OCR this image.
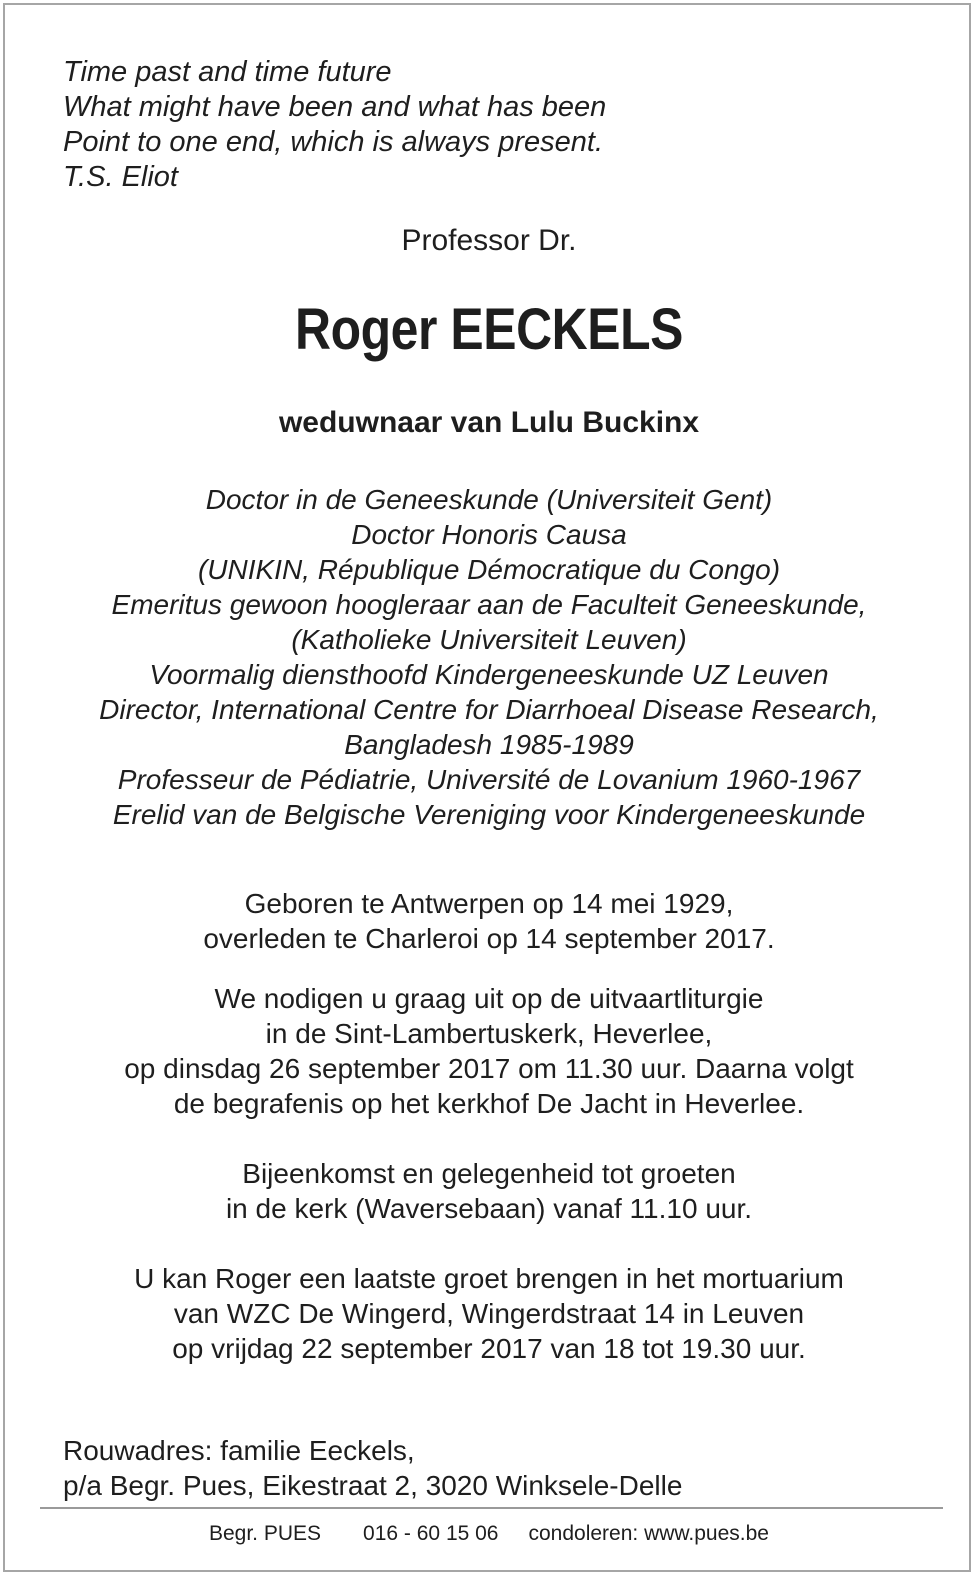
Time past and time future
What might have been and what has been
Point to one end, which is always present.
T.S. Eliot
Professor Dr.
Roger EECKELS
weduwnaar van Lulu Buckinx
Doctor in de Geneeskunde (Universiteit Gent)
Doctor Honoris Causa
(UNIKIN, République Démocratique du Congo)
Emeritus gewoon hoogleraar aan de Faculteit Geneeskunde,
(Katholieke Universiteit Leuven)
Voormalig diensthoofd Kindergeneeskunde UZ Leuven
Director, International Centre for Diarrhoeal Disease Research,
Bangladesh 1985-1989
Professeur de Pédiatrie, Université de Lovanium 1960-1967
Erelid van de Belgische Vereniging voor Kindergeneeskunde
Geboren te Antwerpen op 14 mei 1929,
overleden te Charleroi op 14 september 2017.
We nodigen u graag uit op de uitvaartliturgie
in de Sint-Lambertuskerk, Heverlee,
op dinsdag 26 september 2017 om 11.30 uur. Daarna volgt
de begrafenis op het kerkhof De Jacht in Heverlee.
Bijeenkomst en gelegenheid tot groeten
in de kerk (Waversebaan) vanaf 11.10 uur.
U kan Roger een laatste groet brengen in het mortuarium
van WZC De Wingerd, Wingerdstraat 14 in Leuven
op vrijdag 22 september 2017 van 18 tot 19.30 uur.
Rouwadres: familie Eeckels,
p/a Begr. Pues, Eikestraat 2, 3020 Winksele-Delle
Begr. PUES 016 - 60 15 06 condoleren: www.pues.be
